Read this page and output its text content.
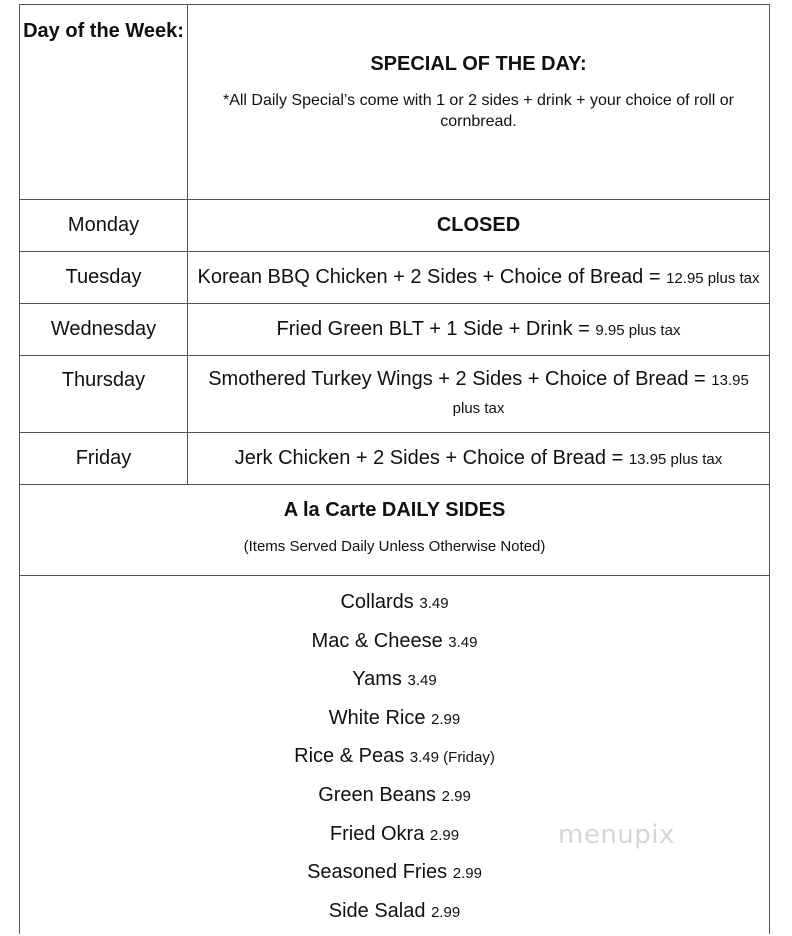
Day of the Week:	SPECIAL OF THE DAY:
*All Daily Special’s come with 1 or 2 sides + drink + your choice of roll or cornbread.

Monday	CLOSED
Tuesday	Korean BBQ Chicken + 2 Sides + Choice of Bread = 12.95 plus tax
Wednesday	Fried Green BLT + 1 Side + Drink = 9.95 plus tax
Thursday	Smothered Turkey Wings + 2 Sides + Choice of Bread = 13.95 plus tax

Friday	Jerk Chicken + 2 Sides + Choice of Bread = 13.95 plus tax
A la Carte DAILY SIDES
(Items Served Daily Unless Otherwise Noted)
Collards 3.49
Mac & Cheese 3.49
Yams 3.49
White Rice 2.99
Rice & Peas 3.49 (Friday)
Green Beans 2.99
Fried Okra 2.99
Seasoned Fries 2.99
Side Salad 2.99
menupix
